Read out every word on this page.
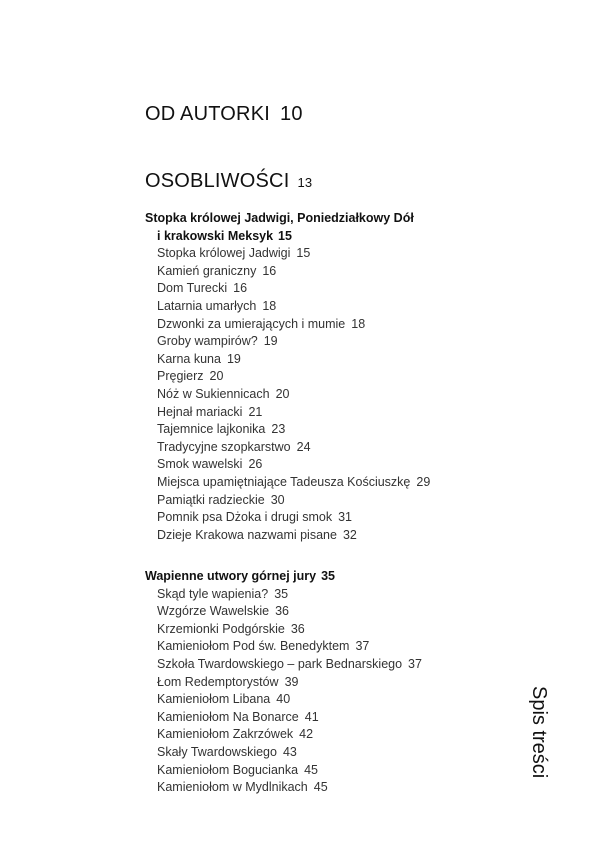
OD AUTORKI 10
OSOBLIWOŚCI 13
Stopka królowej Jadwigi, Poniedziałkowy Dół
i krakowski Meksyk 15
Stopka królowej Jadwigi 15
Kamień graniczny 16
Dom Turecki 16
Latarnia umarłych 18
Dzwonki za umierających i mumie 18
Groby wampirów? 19
Karna kuna 19
Pręgierz 20
Nóż w Sukiennicach 20
Hejnał mariacki 21
Tajemnice lajkonika 23
Tradycyjne szopkarstwo 24
Smok wawelski 26
Miejsca upamiętniające Tadeusza Kościuszkę 29
Pamiątki radzieckie 30
Pomnik psa Dżoka i drugi smok 31
Dzieje Krakowa nazwami pisane 32
Wapienne utwory górnej jury 35
Skąd tyle wapienia? 35
Wzgórze Wawelskie 36
Krzemionki Podgórskie 36
Kamieniołom Pod św. Benedyktem 37
Szkoła Twardowskiego – park Bednarskiego 37
Łom Redemptorystów 39
Kamieniołom Libana 40
Kamieniołom Na Bonarce 41
Kamieniołom Zakrzówek 42
Skały Twardowskiego 43
Kamieniołom Bogucianka 45
Kamieniołom w Mydlnikach 45
Spis treści
